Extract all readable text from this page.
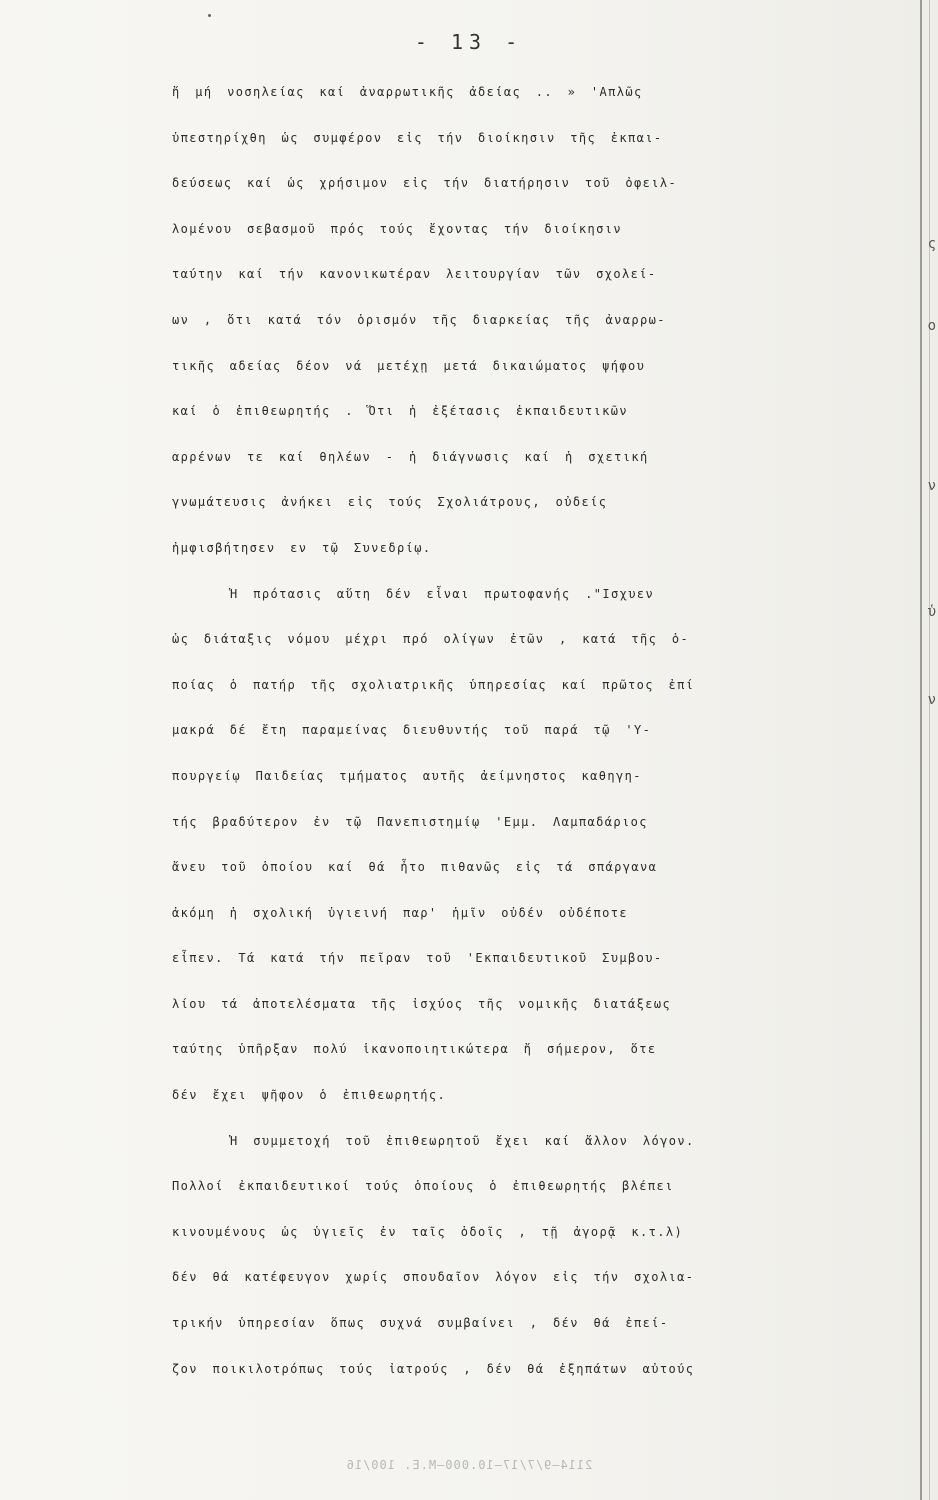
ς
ο
ν
ὑ
ν
- 13 -
ἤ μή νοσηλείας καί ἀναρρωτικῆς ἀδείας .. » 'Απλῶς
ὑπεστηρίχθη ὡς συμφέρον εἰς τήν διοίκησιν τῆς ἐκπαι-
δεύσεως καί ὡς χρήσιμον εἰς τήν διατήρησιν τοῦ ὀφειλ-
λομένου σεβασμοῦ πρός τούς ἔχοντας τήν διοίκησιν
ταύτην καί τήν κανονικωτέραν λειτουργίαν τῶν σχολεί-
ων , ὅτι κατά τόν ὁρισμόν τῆς διαρκείας τῆς ἀναρρω-
τικῆς αδείας δέον νά μετέχῃ μετά δικαιώματος ψήφου
καί ὁ ἐπιθεωρητής . Ὅτι ἡ ἐξέτασις ἐκπαιδευτικῶν
αρρένων τε καί θηλέων - ἡ διάγνωσις καί ἡ σχετική
γνωμάτευσις ἀνήκει εἰς τούς Σχολιάτρους, οὐδείς
ἠμφισβήτησεν εν τῷ Συνεδρίῳ.
Ἡ πρότασις αὕτη δέν εἶναι πρωτοφανής ."Ισχυεν
ὡς διάταξις νόμου μέχρι πρό ολίγων ἐτῶν , κατά τῆς ὁ-
ποίας ὁ πατήρ τῆς σχολιατρικῆς ὑπηρεσίας καί πρῶτος ἐπί
μακρά δέ ἔτη παραμείνας διευθυντής τοῦ παρά τῷ 'Υ-
πουργείῳ Παιδείας τμήματος αυτῆς ἀείμνηστος καθηγη-
τής βραδύτερον ἐν τῷ Πανεπιστημίῳ 'Εμμ. Λαμπαδάριος
ἄνευ τοῦ ὁποίου καί θά ἦτο πιθανῶς εἰς τά σπάργανα
ἀκόμη ἡ σχολική ὑγιεινή παρ' ἡμῖν οὐδέν οὐδέποτε
εἶπεν. Τά κατά τήν πεῖραν τοῦ 'Εκπαιδευτικοῦ Συμβου-
λίου τά ἀποτελέσματα τῆς ἰσχύος τῆς νομικῆς διατάξεως
ταύτης ὑπῆρξαν πολύ ἱκανοποιητικώτερα ἤ σήμερον, ὅτε
δέν ἔχει ψῆφον ὁ ἐπιθεωρητής.
Ἡ συμμετοχή τοῦ ἐπιθεωρητοῦ ἔχει καί ἄλλον λόγον.
Πολλοί ἐκπαιδευτικοί τούς ὁποίους ὁ ἐπιθεωρητής βλέπει
κινουμένους ὡς ὑγιεῖς ἐν ταῖς ὁδοῖς , τῇ ἀγορᾷ κ.τ.λ)
δέν θά κατέφευγον χωρίς σπουδαῖον λόγον εἰς τήν σχολια-
τρικήν ὑπηρεσίαν ὅπως συχνά συμβαίνει , δέν θά ἐπεί-
ζον ποικιλοτρόπως τούς ἰατρούς , δέν θά ἐξηπάτων αὐτούς
2114—9/7/17—10.000—Μ.Ε. 100/16
